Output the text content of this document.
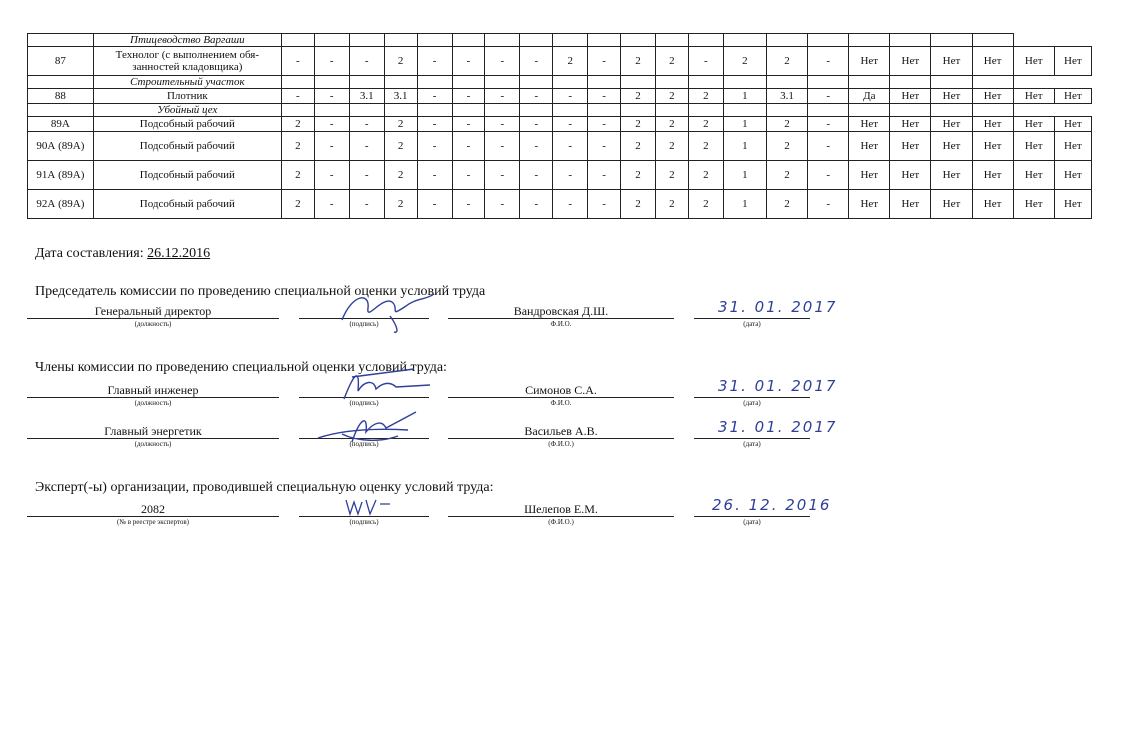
	Птицеводство Варгаши																						
87	Технолог (с выполнением обя-занностей кладовщика)	-	-	-	2	-	-	-	-	2	-	2	2	-	2	2	-	Нет	Нет	Нет	Нет	Нет	Нет
	Строительный участок																						
88	Плотник	-	-	3.1	3.1	-	-	-	-	-	-	2	2	2	1	3.1	-	Да	Нет	Нет	Нет	Нет	Нет
	Убойный цех																						
89А	Подсобный рабочий	2	-	-	2	-	-	-	-	-	-	2	2	2	1	2	-	Нет	Нет	Нет	Нет	Нет	Нет
90А (89А)	Подсобный рабочий	2	-	-	2	-	-	-	-	-	-	2	2	2	1	2	-	Нет	Нет	Нет	Нет	Нет	Нет
91А (89А)	Подсобный рабочий	2	-	-	2	-	-	-	-	-	-	2	2	2	1	2	-	Нет	Нет	Нет	Нет	Нет	Нет
92А (89А)	Подсобный рабочий	2	-	-	2	-	-	-	-	-	-	2	2	2	1	2	-	Нет	Нет	Нет	Нет	Нет	Нет
Дата составления: 26.12.2016
Председатель комиссии по проведению специальной оценки условий труда
Генеральный директор	Вандровская Д.Ш.
(должность)	(подпись)	Ф.И.О.	(дата)
31. 01. 2017
Члены комиссии по проведению специальной оценки условий труда:
Главный инженер	Симонов С.А.
(должность)	(подпись)	Ф.И.О.	(дата)
31. 01. 2017
Главный энергетик	Васильев А.В.
(должность)	(подпись)	(Ф.И.О.)	(дата)
31. 01. 2017
Эксперт(-ы) организации, проводившей специальную оценку условий труда:
2082	Шелепов Е.М.
(№ в реестре экспертов)	(подпись)	(Ф.И.О.)	(дата)
26. 12. 2016
